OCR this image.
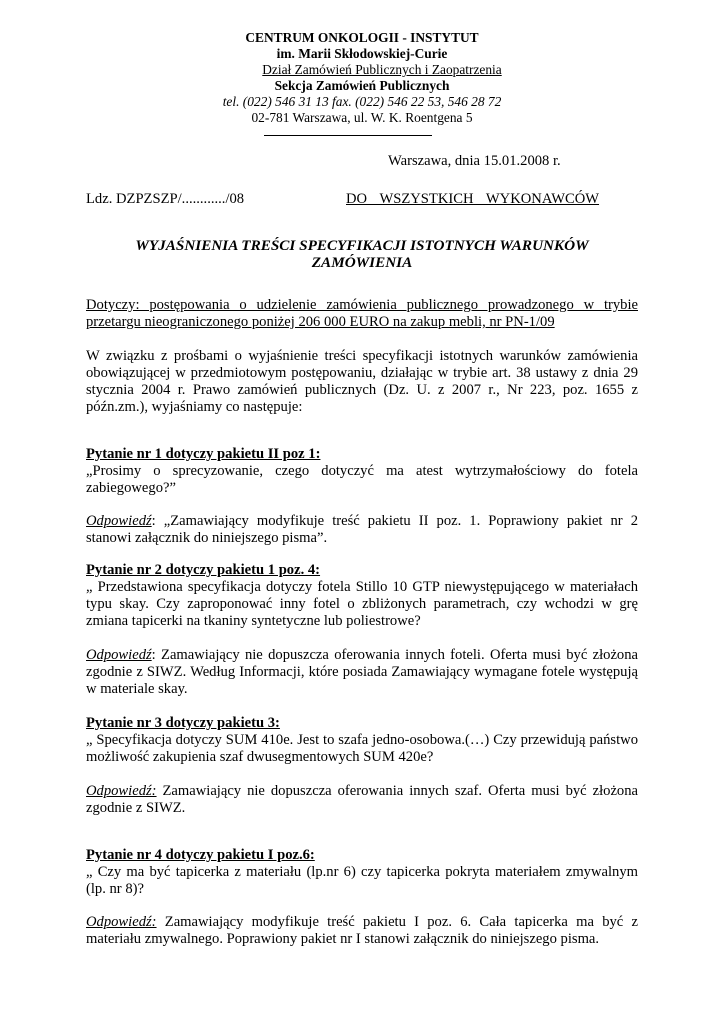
CENTRUM ONKOLOGII - INSTYTUT
im. Marii Skłodowskiej-Curie
Dział Zamówień Publicznych i Zaopatrzenia
Sekcja Zamówień Publicznych
tel. (022) 546 31 13 fax. (022) 546 22 53, 546 28 72
02-781 Warszawa, ul. W. K. Roentgena 5
Warszawa, dnia 15.01.2008 r.
Ldz. DZPZSZP/............/08	DO WSZYSTKICH WYKONAWCÓW
WYJAŚNIENIA TREŚCI SPECYFIKACJI ISTOTNYCH WARUNKÓW ZAMÓWIENIA
Dotyczy: postępowania o udzielenie zamówienia publicznego prowadzonego w trybie przetargu nieograniczonego poniżej 206 000 EURO na zakup mebli, nr PN-1/09
W związku z prośbami o wyjaśnienie treści specyfikacji istotnych warunków zamówienia obowiązującej w przedmiotowym postępowaniu, działając w trybie art. 38 ustawy z dnia 29 stycznia 2004 r. Prawo zamówień publicznych (Dz. U. z 2007 r., Nr 223, poz. 1655 z późn.zm.), wyjaśniamy co następuje:
Pytanie nr 1 dotyczy pakietu II poz 1:

„Prosimy o sprecyzowanie, czego dotyczyć ma atest wytrzymałościowy do fotela zabiegowego?”

Odpowiedź: „Zamawiający modyfikuje treść pakietu II poz. 1. Poprawiony pakiet nr 2 stanowi załącznik do niniejszego pisma”.

Pytanie nr 2 dotyczy pakietu 1 poz. 4:

„ Przedstawiona specyfikacja dotyczy fotela Stillo 10 GTP niewystępującego w materiałach typu skay. Czy zaproponować inny fotel o zbliżonych parametrach, czy wchodzi w grę zmiana tapicerki na tkaniny syntetyczne lub poliestrowe?

Odpowiedź: Zamawiający nie dopuszcza oferowania innych foteli. Oferta musi być złożona zgodnie z SIWZ. Według Informacji, które posiada Zamawiający wymagane fotele występują w materiale skay.

Pytanie nr 3 dotyczy pakietu 3:

„ Specyfikacja dotyczy SUM 410e. Jest to szafa jedno-osobowa.(…) Czy przewidują państwo możliwość zakupienia szaf dwusegmentowych SUM 420e?

Odpowiedź: Zamawiający nie dopuszcza oferowania innych szaf. Oferta musi być złożona zgodnie z SIWZ.

Pytanie nr 4 dotyczy pakietu I poz.6:

„ Czy ma być tapicerka z materiału (lp.nr 6) czy tapicerka pokryta materiałem zmywalnym (lp. nr 8)?

Odpowiedź: Zamawiający modyfikuje treść pakietu I poz. 6. Cała tapicerka ma być z materiału zmywalnego. Poprawiony pakiet nr I stanowi załącznik do niniejszego pisma.
